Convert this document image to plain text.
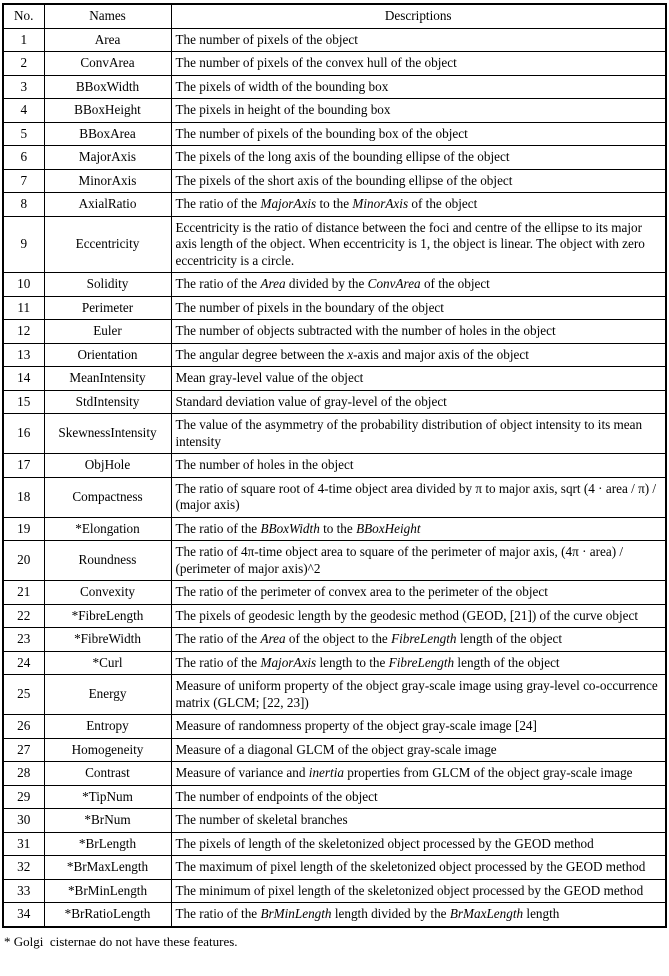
No.	Names	Descriptions
1	Area	The number of pixels of the object
2	ConvArea	The number of pixels of the convex hull of the object
3	BBoxWidth	The pixels of width of the bounding box
4	BBoxHeight	The pixels in height of the bounding box
5	BBoxArea	The number of pixels of the bounding box of the object
6	MajorAxis	The pixels of the long axis of the bounding ellipse of the object
7	MinorAxis	The pixels of the short axis of the bounding ellipse of the object
8	AxialRatio	The ratio of the MajorAxis to the MinorAxis of the object
9	Eccentricity	Eccentricity is the ratio of distance between the foci and centre of the ellipse to its major axis length of the object. When eccentricity is 1, the object is linear. The object with zero eccentricity is a circle.
10	Solidity	The ratio of the Area divided by the ConvArea of the object
11	Perimeter	The number of pixels in the boundary of the object
12	Euler	The number of objects subtracted with the number of holes in the object
13	Orientation	The angular degree between the x-axis and major axis of the object
14	MeanIntensity	Mean gray-level value of the object
15	StdIntensity	Standard deviation value of gray-level of the object
16	SkewnessIntensity	The value of the asymmetry of the probability distribution of object intensity to its mean intensity
17	ObjHole	The number of holes in the object
18	Compactness	The ratio of square root of 4-time object area divided by π to major axis, sqrt (4 · area / π) / (major axis)
19	*Elongation	The ratio of the BBoxWidth to the BBoxHeight
20	Roundness	The ratio of 4π-time object area to square of the perimeter of major axis, (4π · area) / (perimeter of major axis)^2
21	Convexity	The ratio of the perimeter of convex area to the perimeter of the object
22	*FibreLength	The pixels of geodesic length by the geodesic method (GEOD, [21]) of the curve object
23	*FibreWidth	The ratio of the Area of the object to the FibreLength length of the object
24	*Curl	The ratio of the MajorAxis length to the FibreLength length of the object
25	Energy	Measure of uniform property of the object gray-scale image using gray-level co-occurrence matrix (GLCM; [22, 23])
26	Entropy	Measure of randomness property of the object gray-scale image [24]
27	Homogeneity	Measure of a diagonal GLCM of the object gray-scale image
28	Contrast	Measure of variance and inertia properties from GLCM of the object gray-scale image
29	*TipNum	The number of endpoints of the object
30	*BrNum	The number of skeletal branches
31	*BrLength	The pixels of length of the skeletonized object processed by the GEOD method
32	*BrMaxLength	The maximum of pixel length of the skeletonized object processed by the GEOD method
33	*BrMinLength	The minimum of pixel length of the skeletonized object processed by the GEOD method
34	*BrRatioLength	The ratio of the BrMinLength length divided by the BrMaxLength length
* Golgi  cisternae do not have these features.
